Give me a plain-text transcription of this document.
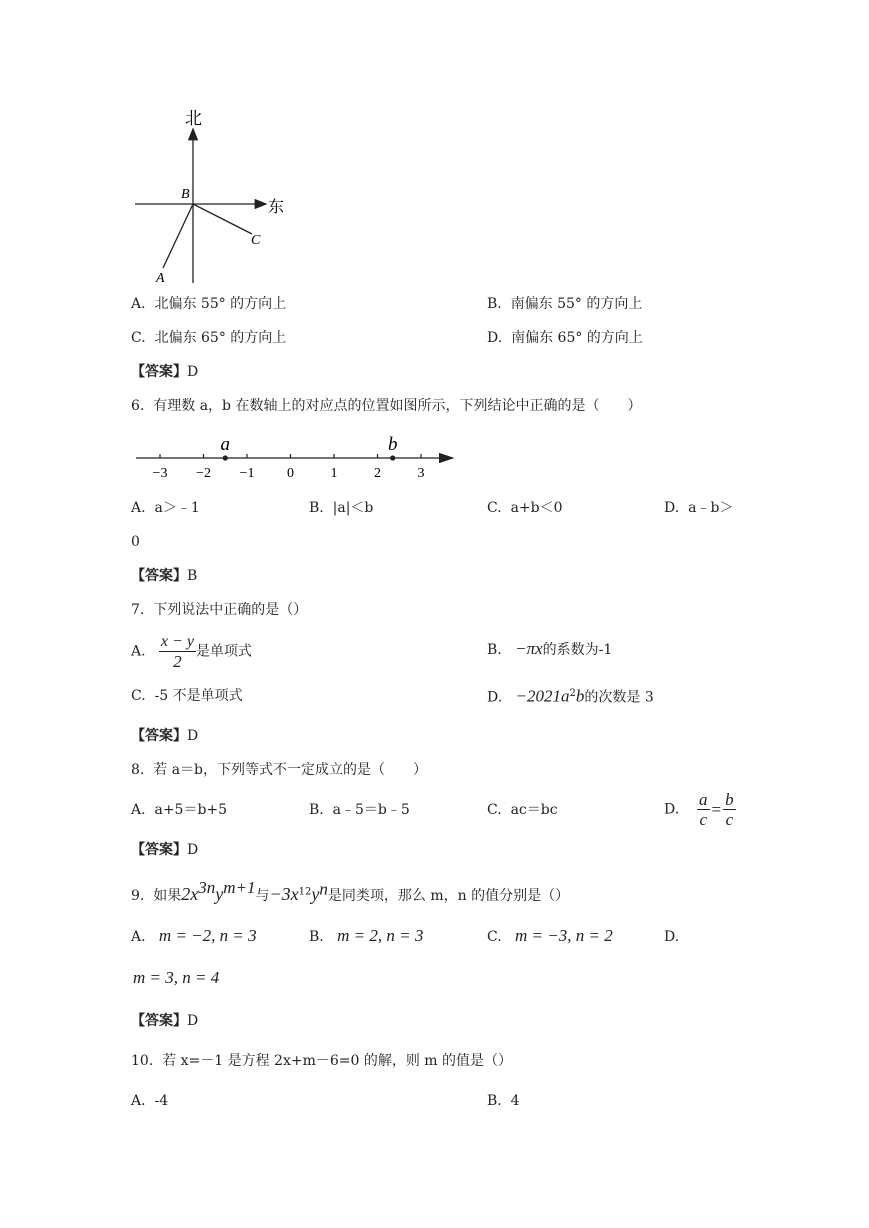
北
东
B
A
C
A. 北偏东 55° 的方向上	B. 南偏东 55° 的方向上
C. 北偏东 65° 的方向上	D. 南偏东 65° 的方向上
【答案】D
6. 有理数 a，b 在数轴上的对应点的位置如图所示，下列结论中正确的是（　　）
−3 −2 −1 0	1	2	3
a	b
A. a＞﹣1	B. |a|＜b	C. a+b＜0	D. a﹣b＞
0
【答案】B
7. 下列说法中正确的是（）
A. $\frac{x - y}{2}$ 是单项式	B. −πx的系数为-1
C. -5 不是单项式	D. $-2021a^2b$的次数是 3
【答案】D
8. 若 a＝b，下列等式不一定成立的是（　　）
A. a+5＝b+5	B. a﹣5＝b﹣5	C. ac＝bc	D. $\frac{a}{c} = \frac{b}{c}$
【答案】D
9. 如果$2x^{3n}y^{m+1}$与$-3x^{12}y^n$是同类项，那么 m，n 的值分别是（）
A. m = −2, n = 3	B. m = 2, n = 3	C. m = −3, n = 2	D.
m = 3, n = 4
【答案】D
10. 若 x=－1 是方程 2x+m－6=0 的解，则 m 的值是（）
A. -4	B. 4
